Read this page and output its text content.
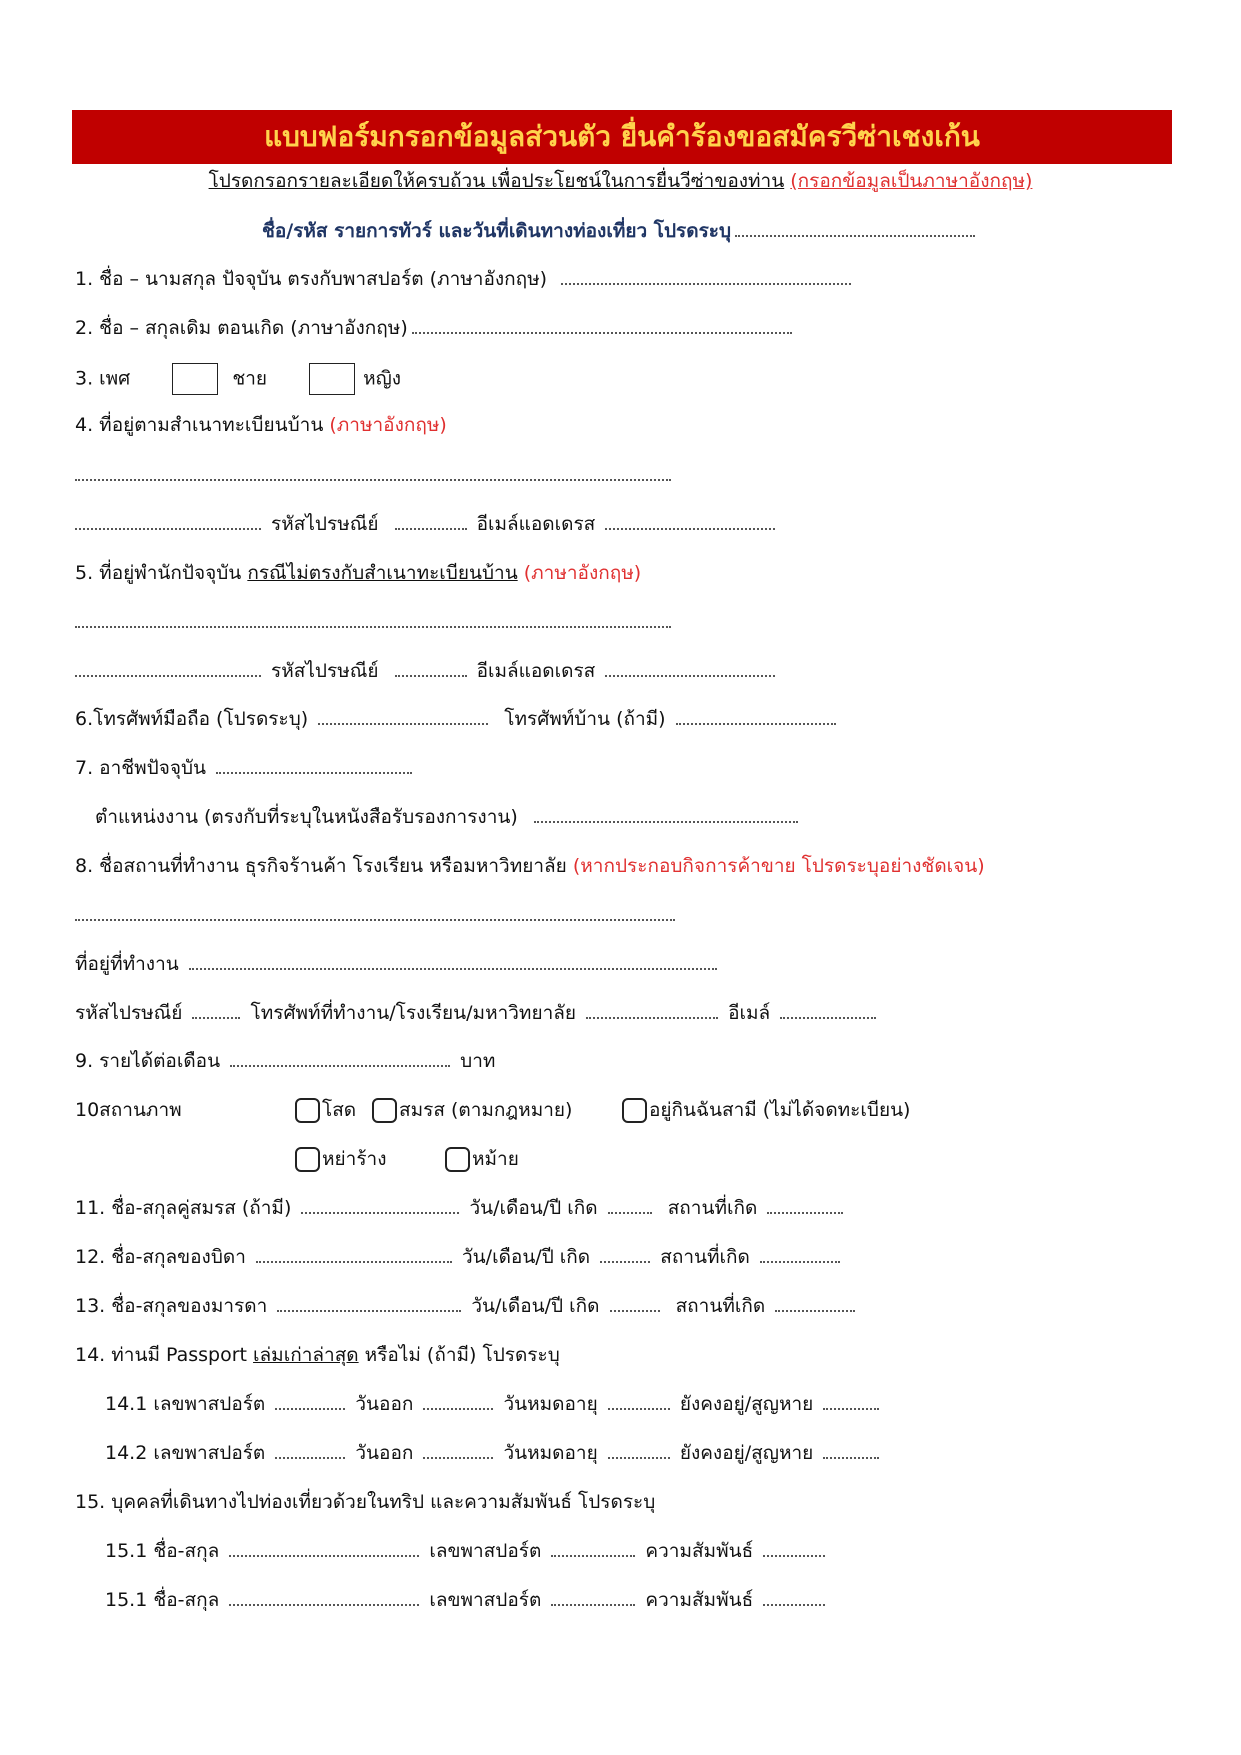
แบบฟอร์มกรอกข้อมูลส่วนตัว ยื่นคำร้องขอสมัครวีซ่าเชงเก้น
โปรดกรอกรายละเอียดให้ครบถ้วน เพื่อประโยชน์ในการยื่นวีซ่าของท่าน (กรอกข้อมูลเป็นภาษาอังกฤษ)
ชื่อ/รหัส รายการทัวร์ และวันที่เดินทางท่องเที่ยว โปรดระบุ
1. ชื่อ – นามสกุล ปัจจุบัน ตรงกับพาสปอร์ต (ภาษาอังกฤษ)
2. ชื่อ – สกุลเดิม ตอนเกิด (ภาษาอังกฤษ)
3. เพศ	ชาย	หญิง
4. ที่อยู่ตามสำเนาทะเบียนบ้าน (ภาษาอังกฤษ)
รหัสไปรษณีย์	อีเมล์แอดเดรส
5. ที่อยู่พำนักปัจจุบัน กรณีไม่ตรงกับสำเนาทะเบียนบ้าน (ภาษาอังกฤษ)
รหัสไปรษณีย์	อีเมล์แอดเดรส
6.โทรศัพท์มือถือ (โปรดระบุ)	โทรศัพท์บ้าน (ถ้ามี)
7. อาชีพปัจจุบัน
ตำแหน่งงาน (ตรงกับที่ระบุในหนังสือรับรองการงาน)
8. ชื่อสถานที่ทำงาน ธุรกิจร้านค้า โรงเรียน หรือมหาวิทยาลัย (หากประกอบกิจการค้าขาย โปรดระบุอย่างชัดเจน)
ที่อยู่ที่ทำงาน
รหัสไปรษณีย์	โทรศัพท์ที่ทำงาน/โรงเรียน/มหาวิทยาลัย	อีเมล์
9. รายได้ต่อเดือน	บาท
10สถานภาพ	โสด	สมรส (ตามกฎหมาย)	อยู่กินฉันสามี (ไม่ได้จดทะเบียน)
หย่าร้าง	หม้าย
11. ชื่อ-สกุลคู่สมรส (ถ้ามี)	วัน/เดือน/ปี เกิด	สถานที่เกิด
12. ชื่อ-สกุลของบิดา	วัน/เดือน/ปี เกิด	สถานที่เกิด
13. ชื่อ-สกุลของมารดา	วัน/เดือน/ปี เกิด	สถานที่เกิด
14. ท่านมี Passport เล่มเก่าล่าสุด หรือไม่ (ถ้ามี) โปรดระบุ
14.1 เลขพาสปอร์ต	วันออก	วันหมดอายุ	ยังคงอยู่/สูญหาย
14.2 เลขพาสปอร์ต	วันออก	วันหมดอายุ	ยังคงอยู่/สูญหาย
15. บุคคลที่เดินทางไปท่องเที่ยวด้วยในทริป และความสัมพันธ์ โปรดระบุ
15.1 ชื่อ-สกุล	เลขพาสปอร์ต	ความสัมพันธ์
15.1 ชื่อ-สกุล	เลขพาสปอร์ต	ความสัมพันธ์
